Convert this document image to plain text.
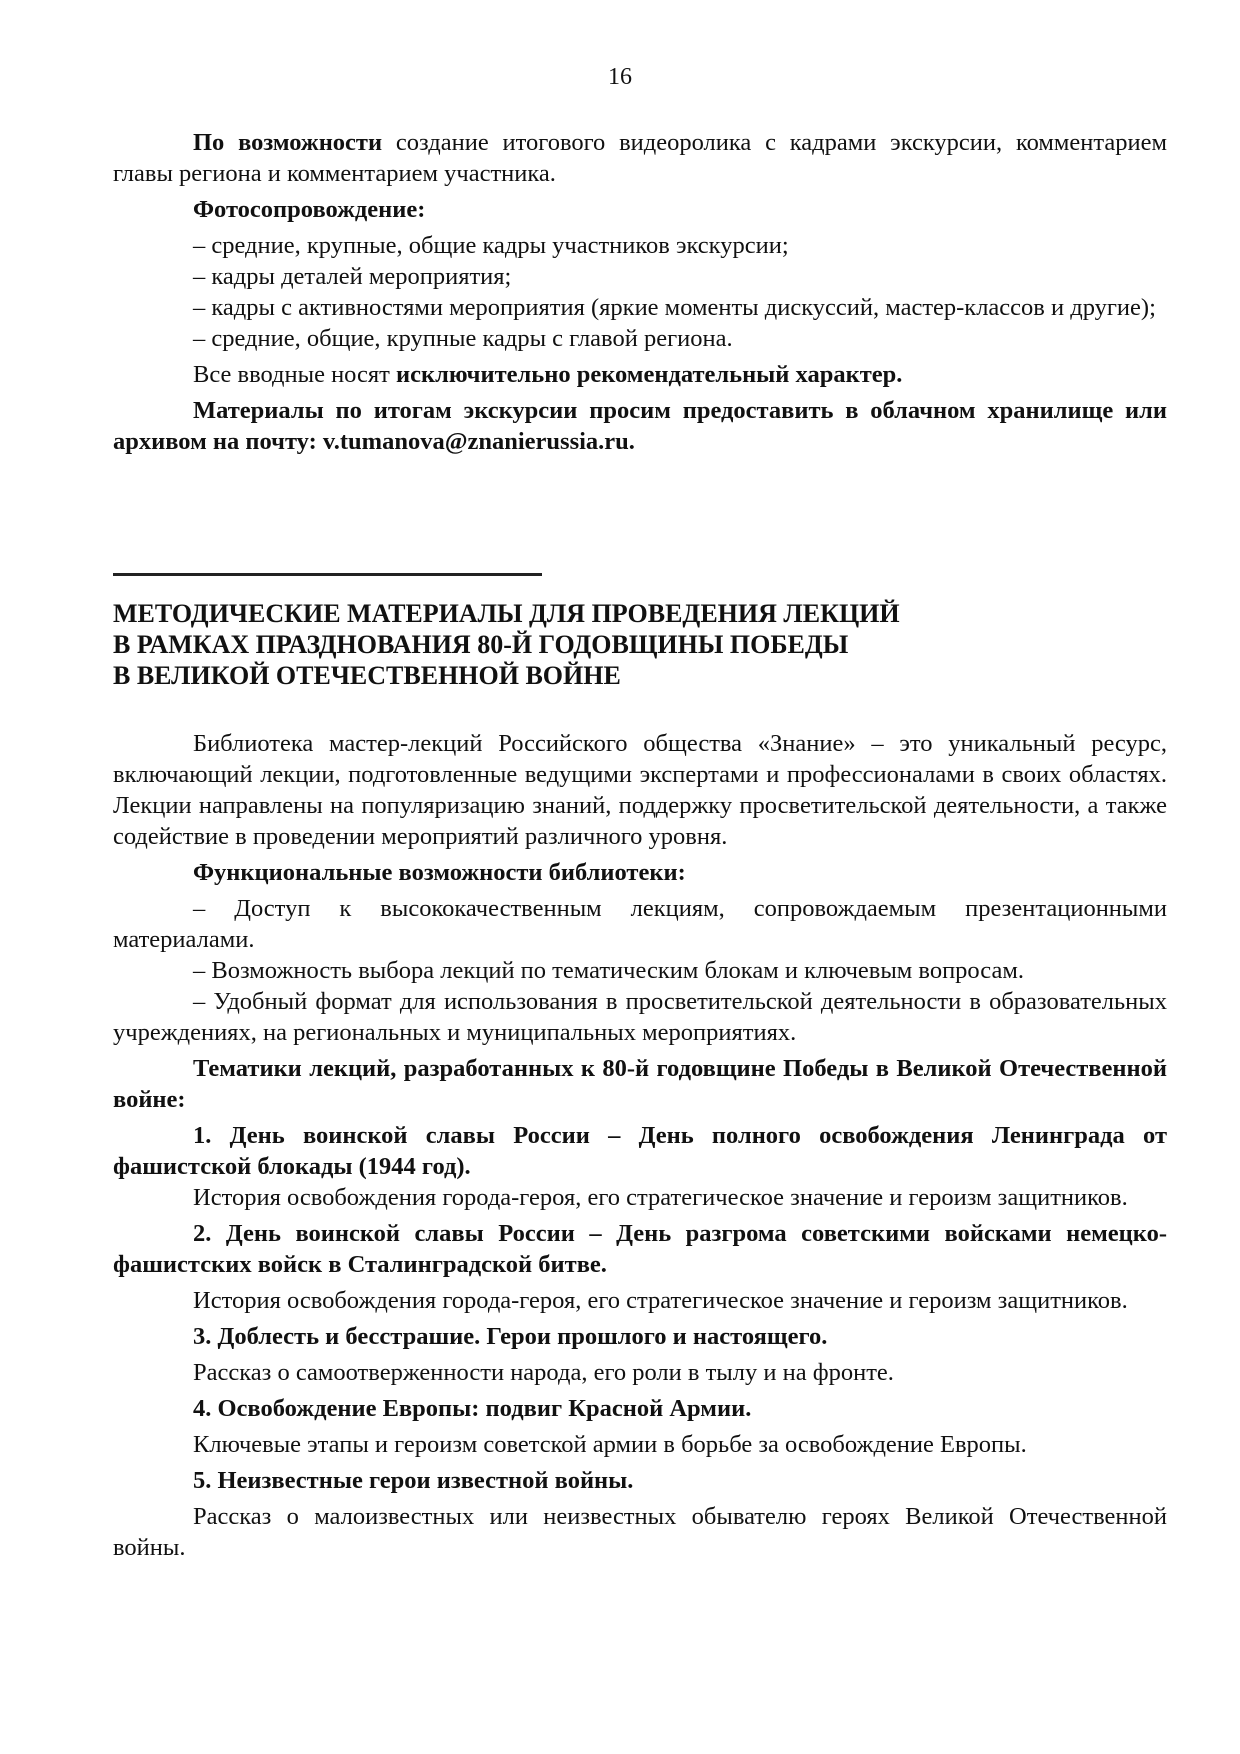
16

По возможности создание итогового видеоролика с кадрами экскурсии, комментарием главы региона и комментарием участника.

Фотосопровождение:

– средние, крупные, общие кадры участников экскурсии;

– кадры деталей мероприятия;

– кадры с активностями мероприятия (яркие моменты дискуссий, мастер-классов и другие);

– средние, общие, крупные кадры с главой региона.

Все вводные носят исключительно рекомендательный характер.

Материалы по итогам экскурсии просим предоставить в облачном хранилище или архивом на почту: v.tumanova@znanierussia.ru.

МЕТОДИЧЕСКИЕ МАТЕРИАЛЫ ДЛЯ ПРОВЕДЕНИЯ ЛЕКЦИЙ
В РАМКАХ ПРАЗДНОВАНИЯ 80-Й ГОДОВЩИНЫ ПОБЕДЫ
В ВЕЛИКОЙ ОТЕЧЕСТВЕННОЙ ВОЙНЕ

Библиотека мастер-лекций Российского общества «Знание» – это уникальный ресурс, включающий лекции, подготовленные ведущими экспертами и профессионалами в своих областях. Лекции направлены на популяризацию знаний, поддержку просветительской деятельности, а также содействие в проведении мероприятий различного уровня.

Функциональные возможности библиотеки:

– Доступ к высококачественным лекциям, сопровождаемым презентационными материалами.

– Возможность выбора лекций по тематическим блокам и ключевым вопросам.

– Удобный формат для использования в просветительской деятельности в образовательных учреждениях, на региональных и муниципальных мероприятиях.

Тематики лекций, разработанных к 80-й годовщине Победы в Великой Отечественной войне:

1. День воинской славы России – День полного освобождения Ленинграда от фашистской блокады (1944 год).

История освобождения города-героя, его стратегическое значение и героизм защитников.

2. День воинской славы России – День разгрома советскими войсками немецко-фашистских войск в Сталинградской битве.

История освобождения города-героя, его стратегическое значение и героизм защитников.

3. Доблесть и бесстрашие. Герои прошлого и настоящего.

Рассказ о самоотверженности народа, его роли в тылу и на фронте.

4. Освобождение Европы: подвиг Красной Армии.

Ключевые этапы и героизм советской армии в борьбе за освобождение Европы.

5. Неизвестные герои известной войны.

Рассказ о малоизвестных или неизвестных обывателю героях Великой Отечественной войны.
